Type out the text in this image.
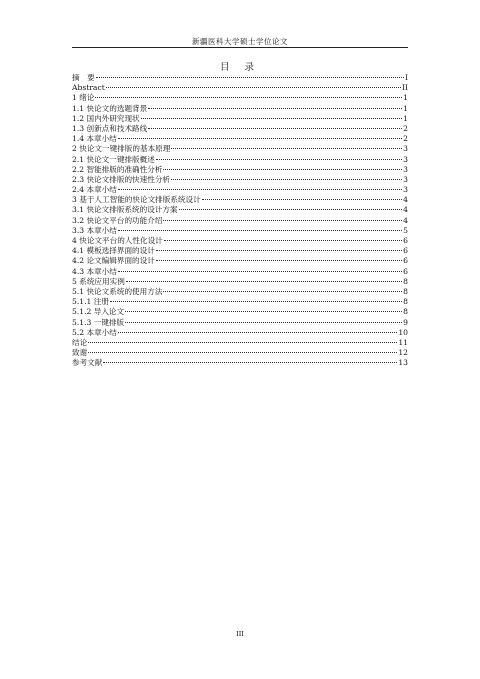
新疆医科大学硕士学位论文
目 录
摘　要	I
Abstract	II
1 绪论	1
1.1 快论文的选题背景	1
1.2 国内外研究现状	1
1.3 创新点和技术路线	2
1.4 本章小结	2
2 快论文一键排版的基本原理	3
2.1 快论文一键排版概述	3
2.2 智能排版的准确性分析	3
2.3 快论文排版的快速性分析	3
2.4 本章小结	3
3 基于人工智能的快论文排版系统设计	4
3.1 快论文排版系统的设计方案	4
3.2 快论文平台的功能介绍	4
3.3 本章小结	5
4 快论文平台的人性化设计	6
4.1 模板选择界面的设计	6
4.2 论文编辑界面的设计	6
4.3 本章小结	6
5 系统应用实例	8
5.1 快论文系统的使用方法	8
5.1.1 注册	8
5.1.2 导入论文	8
5.1.3 一键排版	9
5.2 本章小结	10
结论	11
致谢	12
参考文献	13
III
